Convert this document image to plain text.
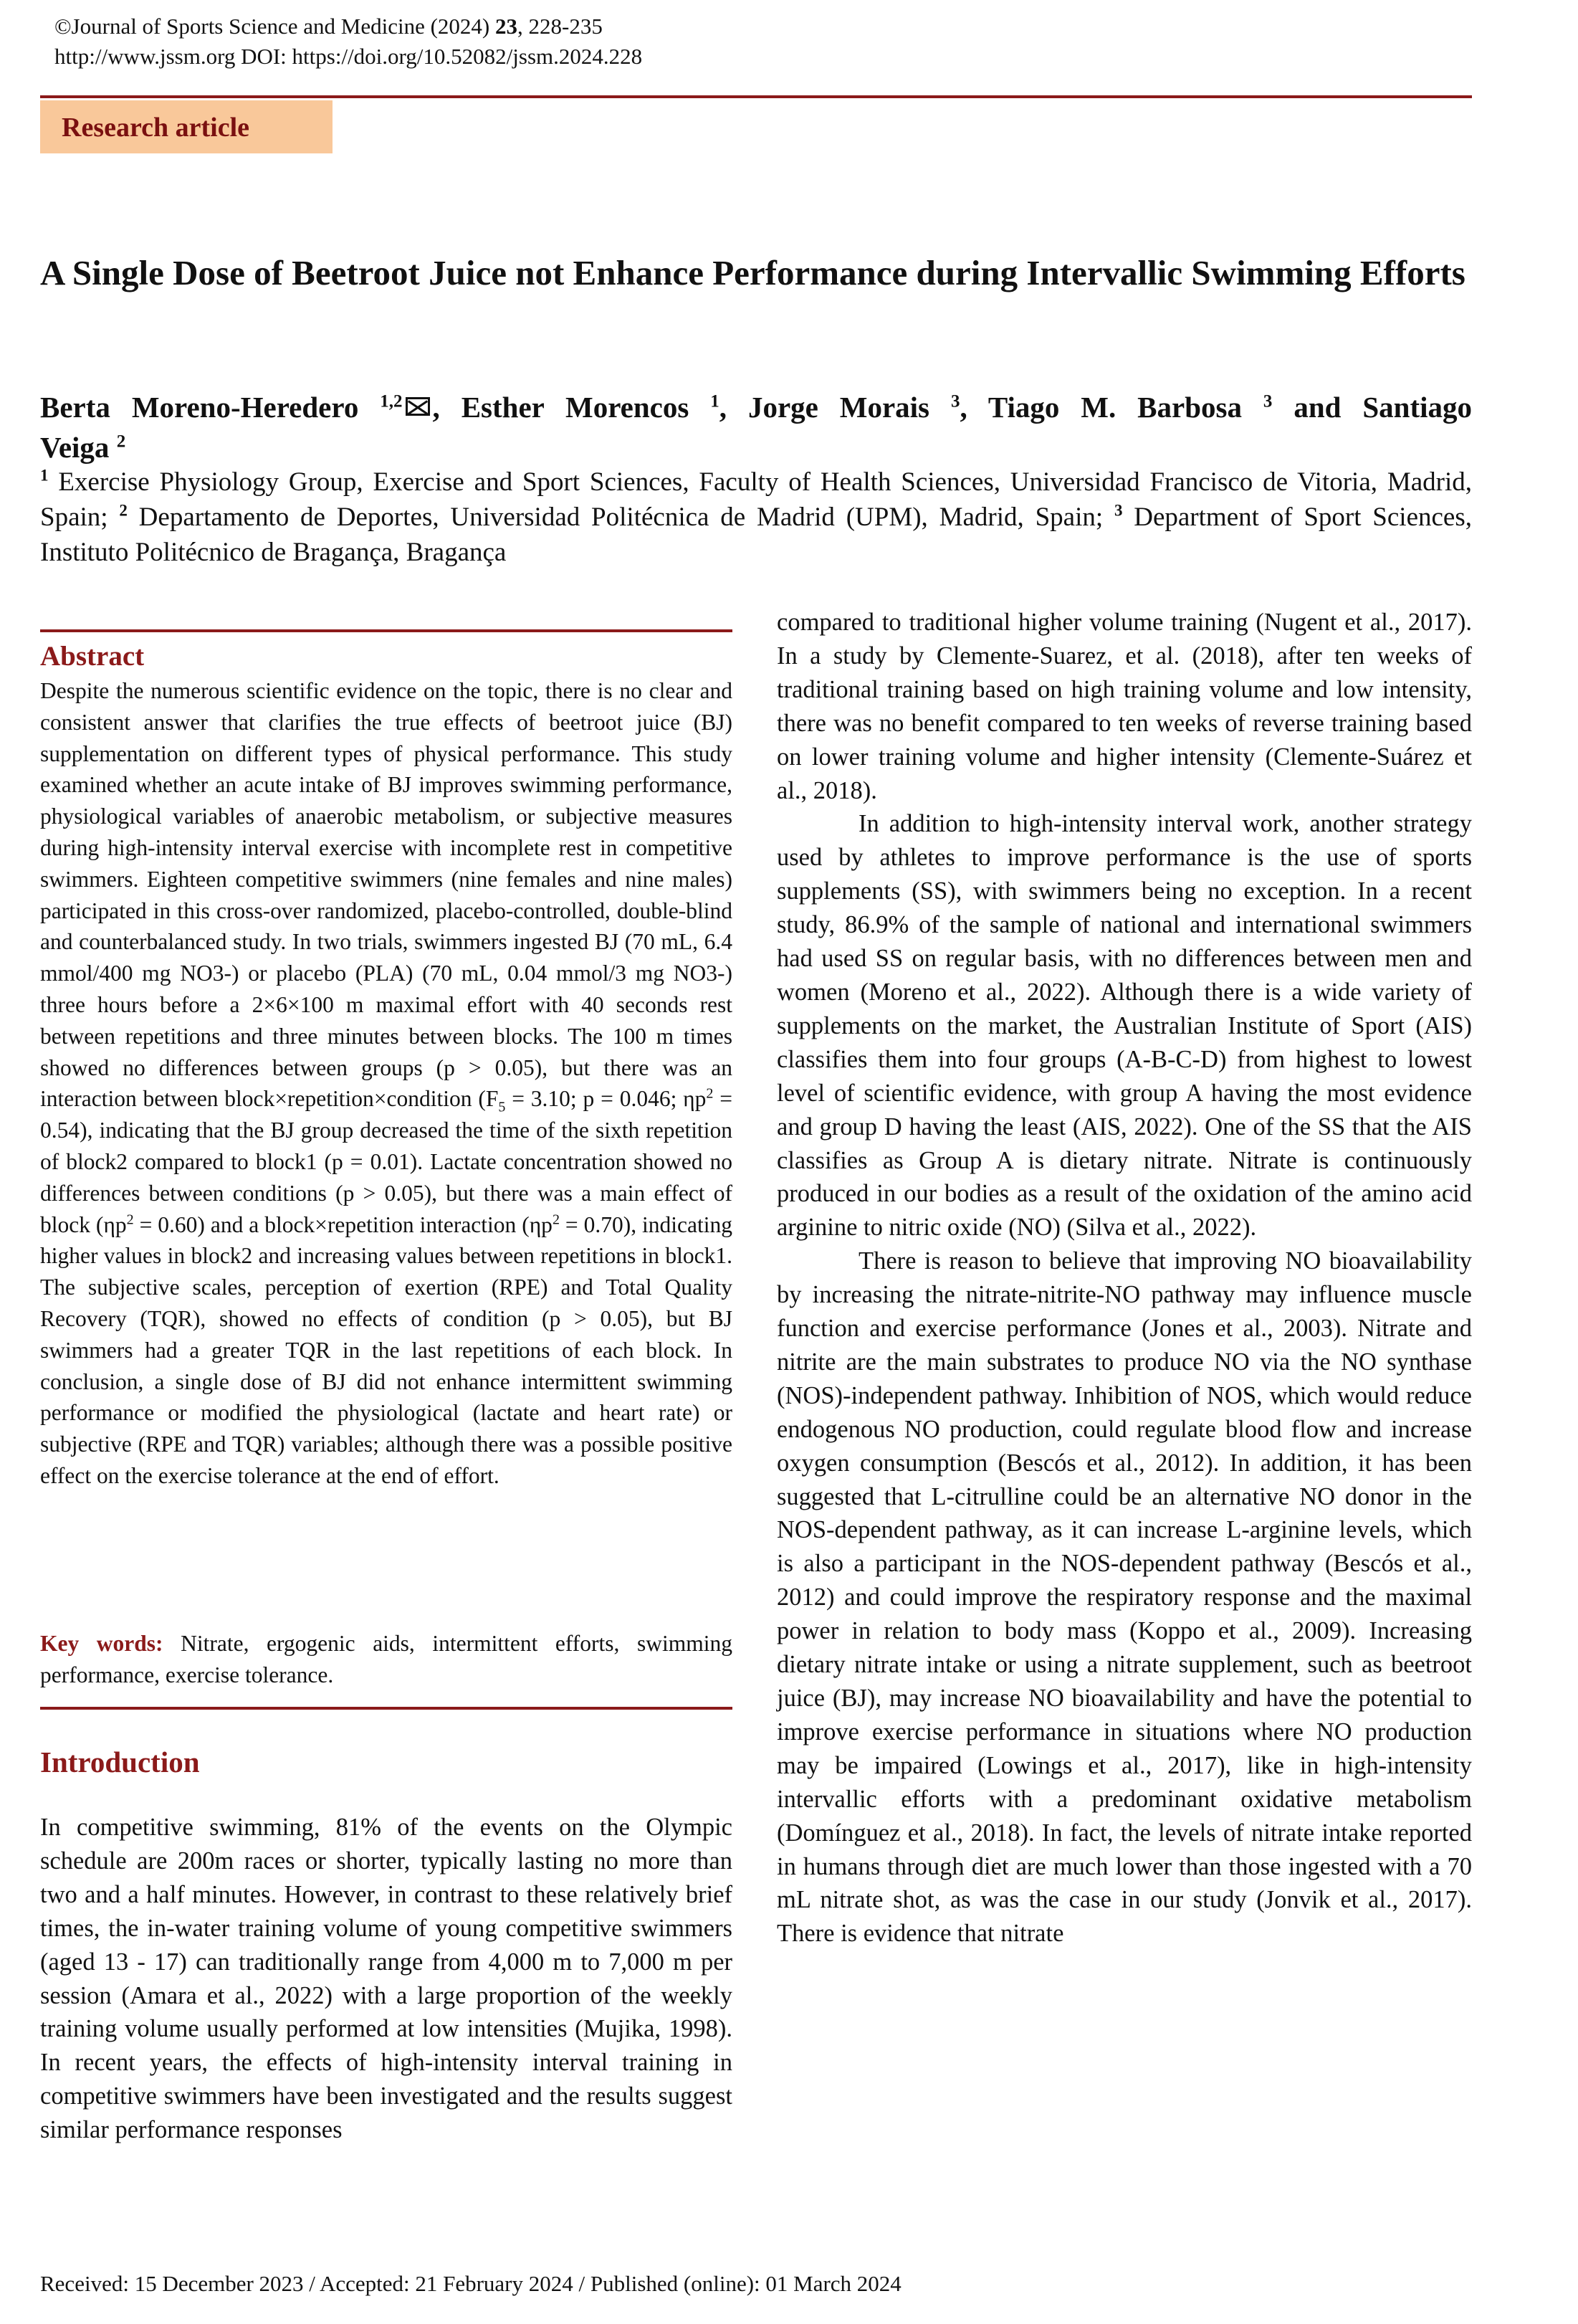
©Journal of Sports Science and Medicine (2024) 23, 228-235
http://www.jssm.org DOI: https://doi.org/10.52082/jssm.2024.228
Research article
A Single Dose of Beetroot Juice not Enhance Performance during Intervallic Swimming Efforts
Berta Moreno-Heredero $^{1,2}$ , Esther Morencos $^1$, Jorge Morais $^3$, Tiago M. Barbosa $^3$ and Santiago
Veiga $^2$
$^1$ Exercise Physiology Group, Exercise and Sport Sciences, Faculty of Health Sciences, Universidad Francisco de Vitoria, Madrid, Spain; $^2$ Departamento de Deportes, Universidad Politécnica de Madrid (UPM), Madrid, Spain; $^3$ Department of Sport Sciences, Instituto Politécnico de Bragança, Bragança
Abstract

Despite the numerous scientific evidence on the topic, there is no clear and consistent answer that clarifies the true effects of beetroot juice (BJ) supplementation on different types of physical performance. This study examined whether an acute intake of BJ improves swimming performance, physiological variables of anaerobic metabolism, or subjective measures during high-intensity interval exercise with incomplete rest in competitive swimmers. Eighteen competitive swimmers (nine females and nine males) participated in this cross-over randomized, placebo-controlled, double-blind and counterbalanced study. In two trials, swimmers ingested BJ (70 mL, 6.4 mmol/400 mg NO3-) or placebo (PLA) (70 mL, 0.04 mmol/3 mg NO3-) three hours before a 2×6×100 m maximal effort with 40 seconds rest between repetitions and three minutes between blocks. The 100 m times showed no differences between groups (p > 0.05), but there was an interaction between block×repetition×condition ($F_5 = 3.10$; p = 0.046; $\eta p^2 = 0.54$), indicating that the BJ group decreased the time of the sixth repetition of block2 compared to block1 (p = 0.01). Lactate concentration showed no differences between conditions (p > 0.05), but there was a main effect of block $(\eta p^2 = 0.60)$ and a block×repetition interaction $(\eta p^2 = 0.70)$, indicating higher values in block2 and increasing values between repetitions in block1. The subjective scales, perception of exertion (RPE) and Total Quality Recovery (TQR), showed no effects of condition (p > 0.05), but BJ swimmers had a greater TQR in the last repetitions of each block. In conclusion, a single dose of BJ did not enhance intermittent swimming performance or modified the physiological (lactate and heart rate) or subjective (RPE and TQR) variables; although there was a possible positive effect on the exercise tolerance at the end of effort.

Key words: Nitrate, ergogenic aids, intermittent efforts, swimming performance, exercise tolerance.

Introduction

In competitive swimming, 81% of the events on the Olympic schedule are 200m races or shorter, typically lasting no more than two and a half minutes. However, in contrast to these relatively brief times, the in-water training volume of young competitive swimmers (aged 13 - 17) can traditionally range from 4,000 m to 7,000 m per session (Amara et al., 2022) with a large proportion of the weekly training volume usually performed at low intensities (Mujika, 1998). In recent years, the effects of high-intensity interval training in competitive swimmers have been investigated and the results suggest similar performance responses

compared to traditional higher volume training (Nugent et al., 2017). In a study by Clemente-Suarez, et al. (2018), after ten weeks of traditional training based on high training volume and low intensity, there was no benefit compared to ten weeks of reverse training based on lower training volume and higher intensity (Clemente-Suárez et al., 2018).

In addition to high-intensity interval work, another strategy used by athletes to improve performance is the use of sports supplements (SS), with swimmers being no exception. In a recent study, 86.9% of the sample of national and international swimmers had used SS on regular basis, with no differences between men and women (Moreno et al., 2022). Although there is a wide variety of supplements on the market, the Australian Institute of Sport (AIS) classifies them into four groups (A-B-C-D) from highest to lowest level of scientific evidence, with group A having the most evidence and group D having the least (AIS, 2022). One of the SS that the AIS classifies as Group A is dietary nitrate. Nitrate is continuously produced in our bodies as a result of the oxidation of the amino acid arginine to nitric oxide (NO) (Silva et al., 2022).

There is reason to believe that improving NO bioavailability by increasing the nitrate-nitrite-NO pathway may influence muscle function and exercise performance (Jones et al., 2003). Nitrate and nitrite are the main substrates to produce NO via the NO synthase (NOS)-independent pathway. Inhibition of NOS, which would reduce endogenous NO production, could regulate blood flow and increase oxygen consumption (Bescós et al., 2012). In addition, it has been suggested that L-citrulline could be an alternative NO donor in the NOS-dependent pathway, as it can increase L-arginine levels, which is also a participant in the NOS-dependent pathway (Bescós et al., 2012) and could improve the respiratory response and the maximal power in relation to body mass (Koppo et al., 2009). Increasing dietary nitrate intake or using a nitrate supplement, such as beetroot juice (BJ), may increase NO bioavailability and have the potential to improve exercise performance in situations where NO production may be impaired (Lowings et al., 2017), like in high-intensity intervallic efforts with a predominant oxidative metabolism (Domínguez et al., 2018). In fact, the levels of nitrate intake reported in humans through diet are much lower than those ingested with a 70 mL nitrate shot, as was the case in our study (Jonvik et al., 2017). There is evidence that nitrate

Received: 15 December 2023 / Accepted: 21 February 2024 / Published (online): 01 March 2024
